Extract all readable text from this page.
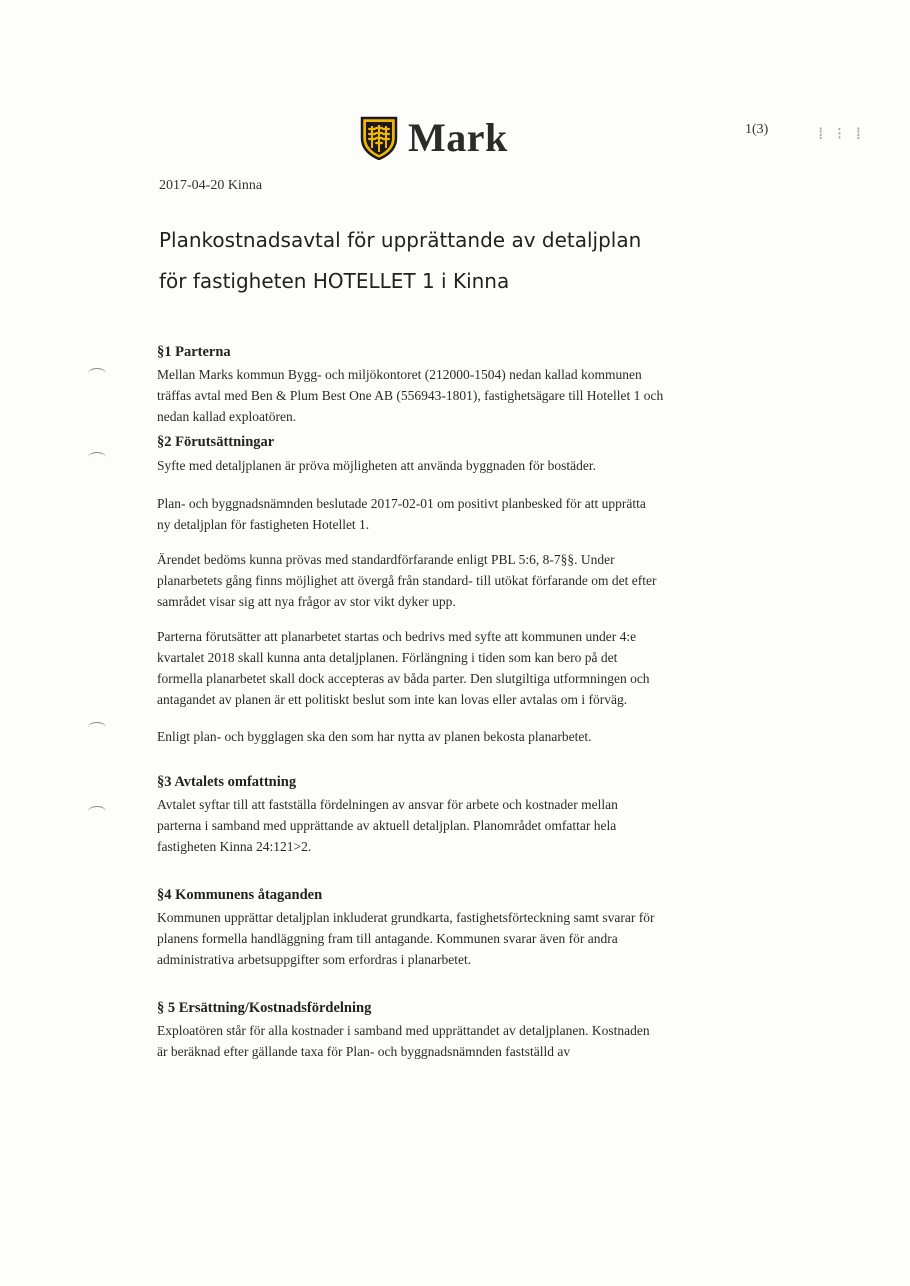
⁞ ⁝ ⁞
Mark	1(3)
2017-04-20 Kinna
Plankostnadsavtal för upprättande av detaljplan
för fastigheten HOTELLET 1 i Kinna
§1 Parterna
Mellan Marks kommun Bygg- och miljökontoret (212000-1504) nedan kallad kommunen
träffas avtal med Ben & Plum Best One AB (556943-1801), fastighetsägare till Hotellet 1 och
nedan kallad exploatören.
§2 Förutsättningar
Syfte med detaljplanen är pröva möjligheten att använda byggnaden för bostäder.
Plan- och byggnadsnämnden beslutade 2017-02-01 om positivt planbesked för att upprätta
ny detaljplan för fastigheten Hotellet 1.
Ärendet bedöms kunna prövas med standardförfarande enligt PBL 5:6, 8-7§§. Under
planarbetets gång finns möjlighet att övergå från standard- till utökat förfarande om det efter
samrådet visar sig att nya frågor av stor vikt dyker upp.
Parterna förutsätter att planarbetet startas och bedrivs med syfte att kommunen under 4:e
kvartalet 2018 skall kunna anta detaljplanen. Förlängning i tiden som kan bero på det
formella planarbetet skall dock accepteras av båda parter. Den slutgiltiga utformningen och
antagandet av planen är ett politiskt beslut som inte kan lovas eller avtalas om i förväg.
Enligt plan- och bygglagen ska den som har nytta av planen bekosta planarbetet.
§3 Avtalets omfattning
Avtalet syftar till att fastställa fördelningen av ansvar för arbete och kostnader mellan
parterna i samband med upprättande av aktuell detaljplan. Planområdet omfattar hela
fastigheten Kinna 24:121>2.
§4 Kommunens åtaganden
Kommunen upprättar detaljplan inkluderat grundkarta, fastighetsförteckning samt svarar för
planens formella handläggning fram till antagande. Kommunen svarar även för andra
administrativa arbetsuppgifter som erfordras i planarbetet.
§ 5 Ersättning/Kostnadsfördelning
Exploatören står för alla kostnader i samband med upprättandet av detaljplanen. Kostnaden
är beräknad efter gällande taxa för Plan- och byggnadsnämnden fastställd av
